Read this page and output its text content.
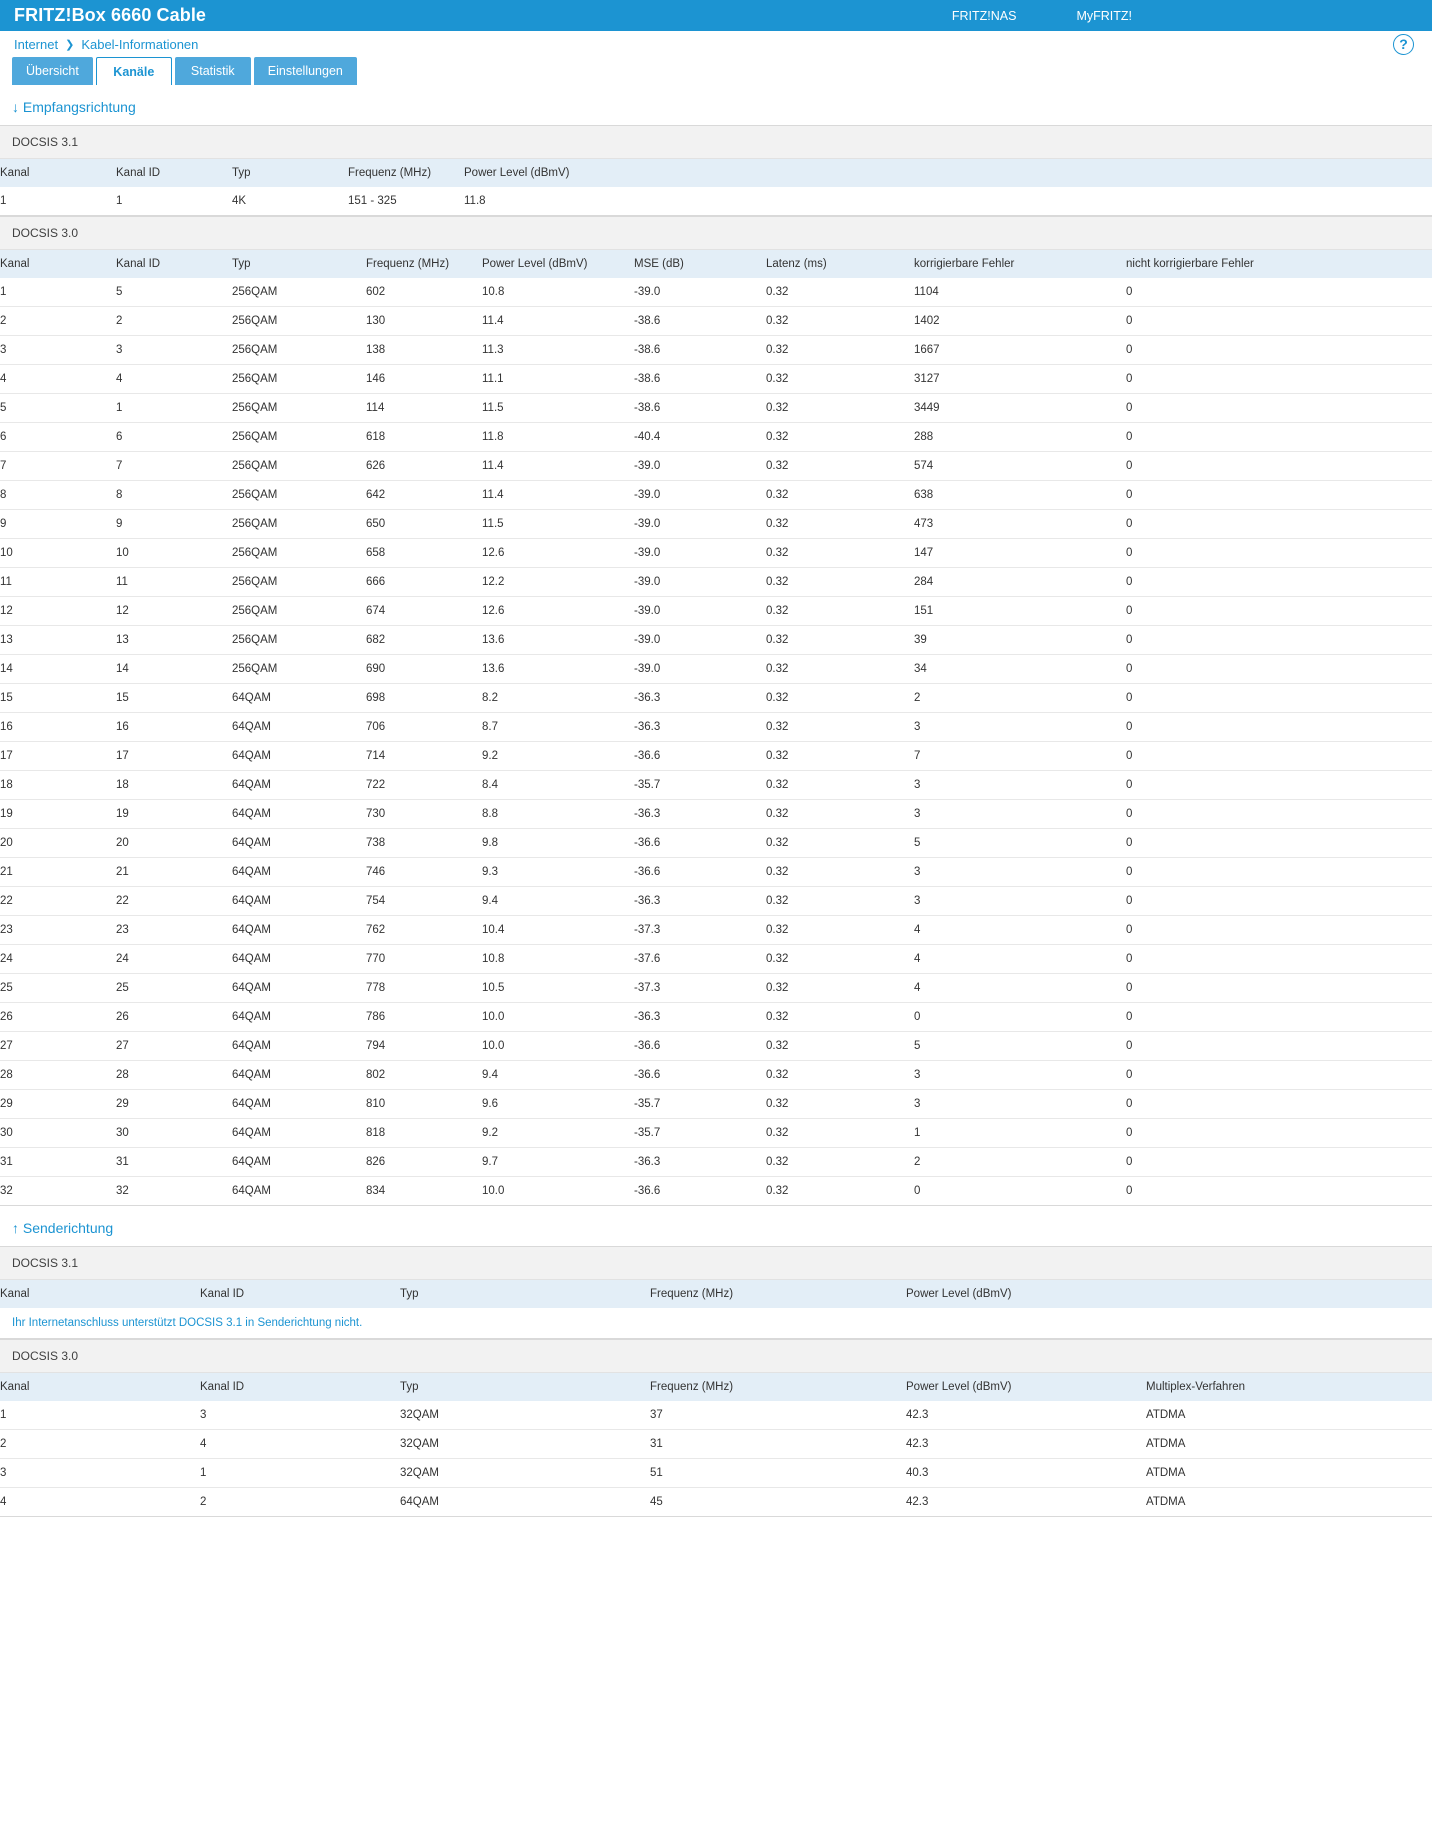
FRITZ!Box 6660 Cable	FRITZ!NAS	MyFRITZ!
Internet ❯ Kabel-Informationen	?
Übersicht	Kanäle	Statistik	Einstellungen
↓ Empfangsrichtung
DOCSIS 3.1
Kanal	Kanal ID	Typ	Frequenz (MHz)	Power Level (dBmV)
1	1	4K	151 - 325	11.8
DOCSIS 3.0
Kanal	Kanal ID	Typ	Frequenz (MHz)	Power Level (dBmV)	MSE (dB)	Latenz (ms)	korrigierbare Fehler	nicht korrigierbare Fehler
1	5	256QAM	602	10.8	-39.0	0.32	1104	0
2	2	256QAM	130	11.4	-38.6	0.32	1402	0
3	3	256QAM	138	11.3	-38.6	0.32	1667	0
4	4	256QAM	146	11.1	-38.6	0.32	3127	0
5	1	256QAM	114	11.5	-38.6	0.32	3449	0
6	6	256QAM	618	11.8	-40.4	0.32	288	0
7	7	256QAM	626	11.4	-39.0	0.32	574	0
8	8	256QAM	642	11.4	-39.0	0.32	638	0
9	9	256QAM	650	11.5	-39.0	0.32	473	0
10	10	256QAM	658	12.6	-39.0	0.32	147	0
11	11	256QAM	666	12.2	-39.0	0.32	284	0
12	12	256QAM	674	12.6	-39.0	0.32	151	0
13	13	256QAM	682	13.6	-39.0	0.32	39	0
14	14	256QAM	690	13.6	-39.0	0.32	34	0
15	15	64QAM	698	8.2	-36.3	0.32	2	0
16	16	64QAM	706	8.7	-36.3	0.32	3	0
17	17	64QAM	714	9.2	-36.6	0.32	7	0
18	18	64QAM	722	8.4	-35.7	0.32	3	0
19	19	64QAM	730	8.8	-36.3	0.32	3	0
20	20	64QAM	738	9.8	-36.6	0.32	5	0
21	21	64QAM	746	9.3	-36.6	0.32	3	0
22	22	64QAM	754	9.4	-36.3	0.32	3	0
23	23	64QAM	762	10.4	-37.3	0.32	4	0
24	24	64QAM	770	10.8	-37.6	0.32	4	0
25	25	64QAM	778	10.5	-37.3	0.32	4	0
26	26	64QAM	786	10.0	-36.3	0.32	0	0
27	27	64QAM	794	10.0	-36.6	0.32	5	0
28	28	64QAM	802	9.4	-36.6	0.32	3	0
29	29	64QAM	810	9.6	-35.7	0.32	3	0
30	30	64QAM	818	9.2	-35.7	0.32	1	0
31	31	64QAM	826	9.7	-36.3	0.32	2	0
32	32	64QAM	834	10.0	-36.6	0.32	0	0
↑ Senderichtung
DOCSIS 3.1
Kanal	Kanal ID	Typ	Frequenz (MHz)	Power Level (dBmV)
Ihr Internetanschluss unterstützt DOCSIS 3.1 in Senderichtung nicht.
DOCSIS 3.0
Kanal	Kanal ID	Typ	Frequenz (MHz)	Power Level (dBmV)	Multiplex-Verfahren
1	3	32QAM	37	42.3	ATDMA
2	4	32QAM	31	42.3	ATDMA
3	1	32QAM	51	40.3	ATDMA
4	2	64QAM	45	42.3	ATDMA
